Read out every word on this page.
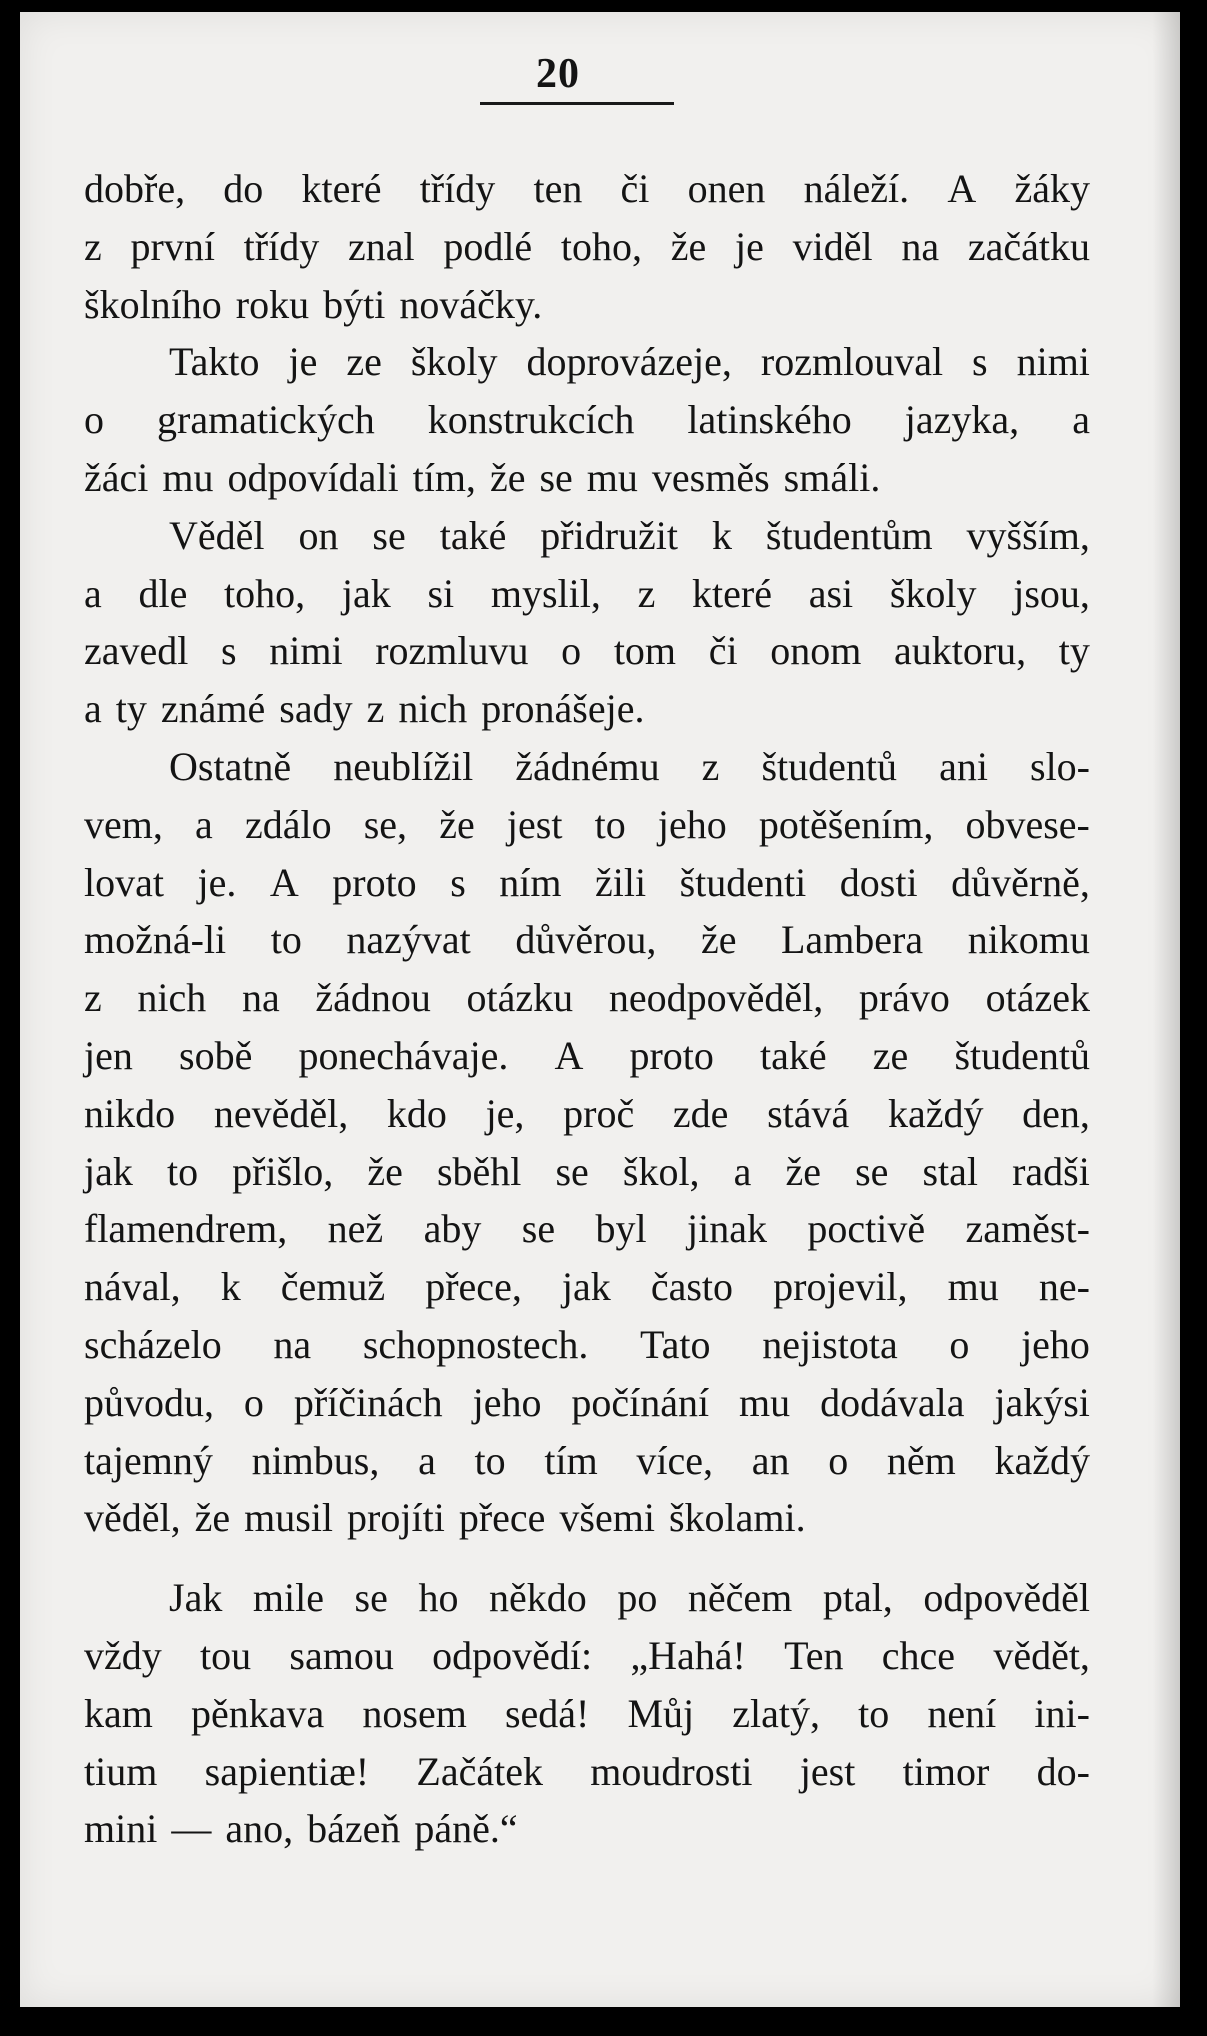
20
dobře, do které třídy ten či onen náleží. A žáky
z první třídy znal podlé toho, že je viděl na začátku
školního roku býti nováčky.
Takto je ze školy doprovázeje, rozmlouval s nimi
o gramatických konstrukcích latinského jazyka, a
žáci mu odpovídali tím, že se mu vesměs smáli.
Věděl on se také přidružit k študentům vyšším,
a dle toho, jak si myslil, z které asi školy jsou,
zavedl s nimi rozmluvu o tom či onom auktoru, ty
a ty známé sady z nich pronášeje.
Ostatně neublížil žádnému z študentů ani slo-
vem, a zdálo se, že jest to jeho potěšením, obvese-
lovat je. A proto s ním žili študenti dosti důvěrně,
možná-li to nazývat důvěrou, že Lambera nikomu
z nich na žádnou otázku neodpověděl, právo otázek
jen sobě ponechávaje. A proto také ze študentů
nikdo nevěděl, kdo je, proč zde stává každý den,
jak to přišlo, že sběhl se škol, a že se stal radši
flamendrem, než aby se byl jinak poctivě zaměst-
nával, k čemuž přece, jak často projevil, mu ne-
scházelo na schopnostech. Tato nejistota o jeho
původu, o příčinách jeho počínání mu dodávala jakýsi
tajemný nimbus, a to tím více, an o něm každý
věděl, že musil projíti přece všemi školami.
Jak mile se ho někdo po něčem ptal, odpověděl
vždy tou samou odpovědí: „Hahá! Ten chce vědět,
kam pěnkava nosem sedá! Můj zlatý, to není ini-
tium sapientiæ! Začátek moudrosti jest timor do-
mini — ano, bázeň páně.“
